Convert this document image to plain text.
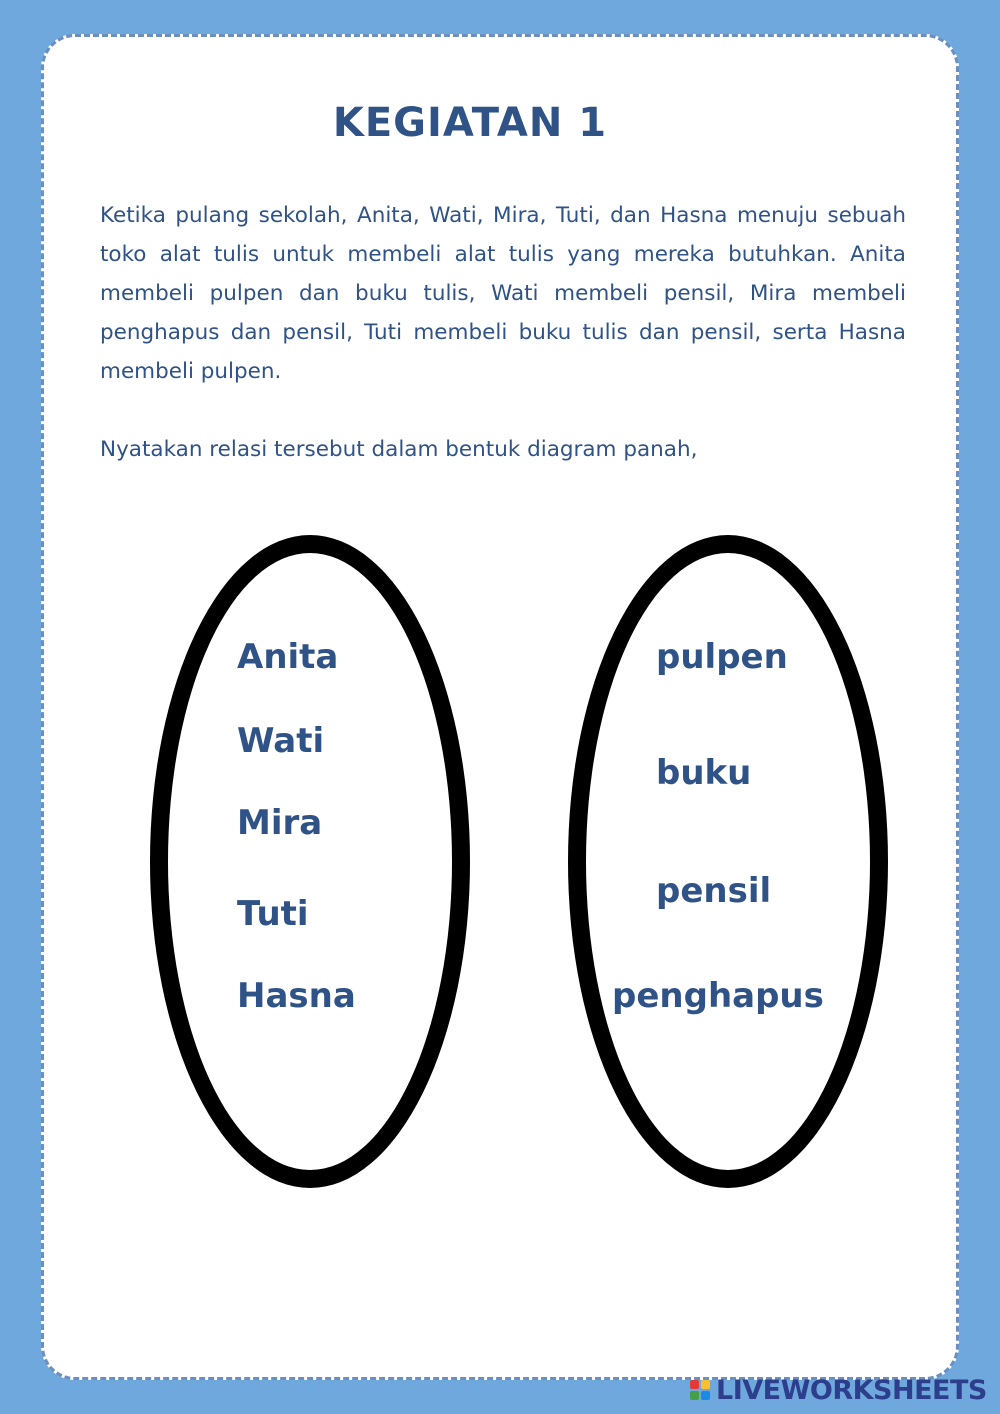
KEGIATAN 1

Ketika pulang sekolah, Anita, Wati, Mira, Tuti, dan Hasna menuju sebuah toko alat tulis untuk membeli alat tulis yang mereka butuhkan. Anita membeli pulpen dan buku tulis, Wati membeli pensil, Mira membeli penghapus dan pensil, Tuti membeli buku tulis dan pensil, serta Hasna membeli pulpen.

Nyatakan relasi tersebut dalam bentuk diagram panah,

Anita
Wati
Mira
Tuti
Hasna
pulpen
buku
pensil
penghapus
LIVEWORKSHEETS
